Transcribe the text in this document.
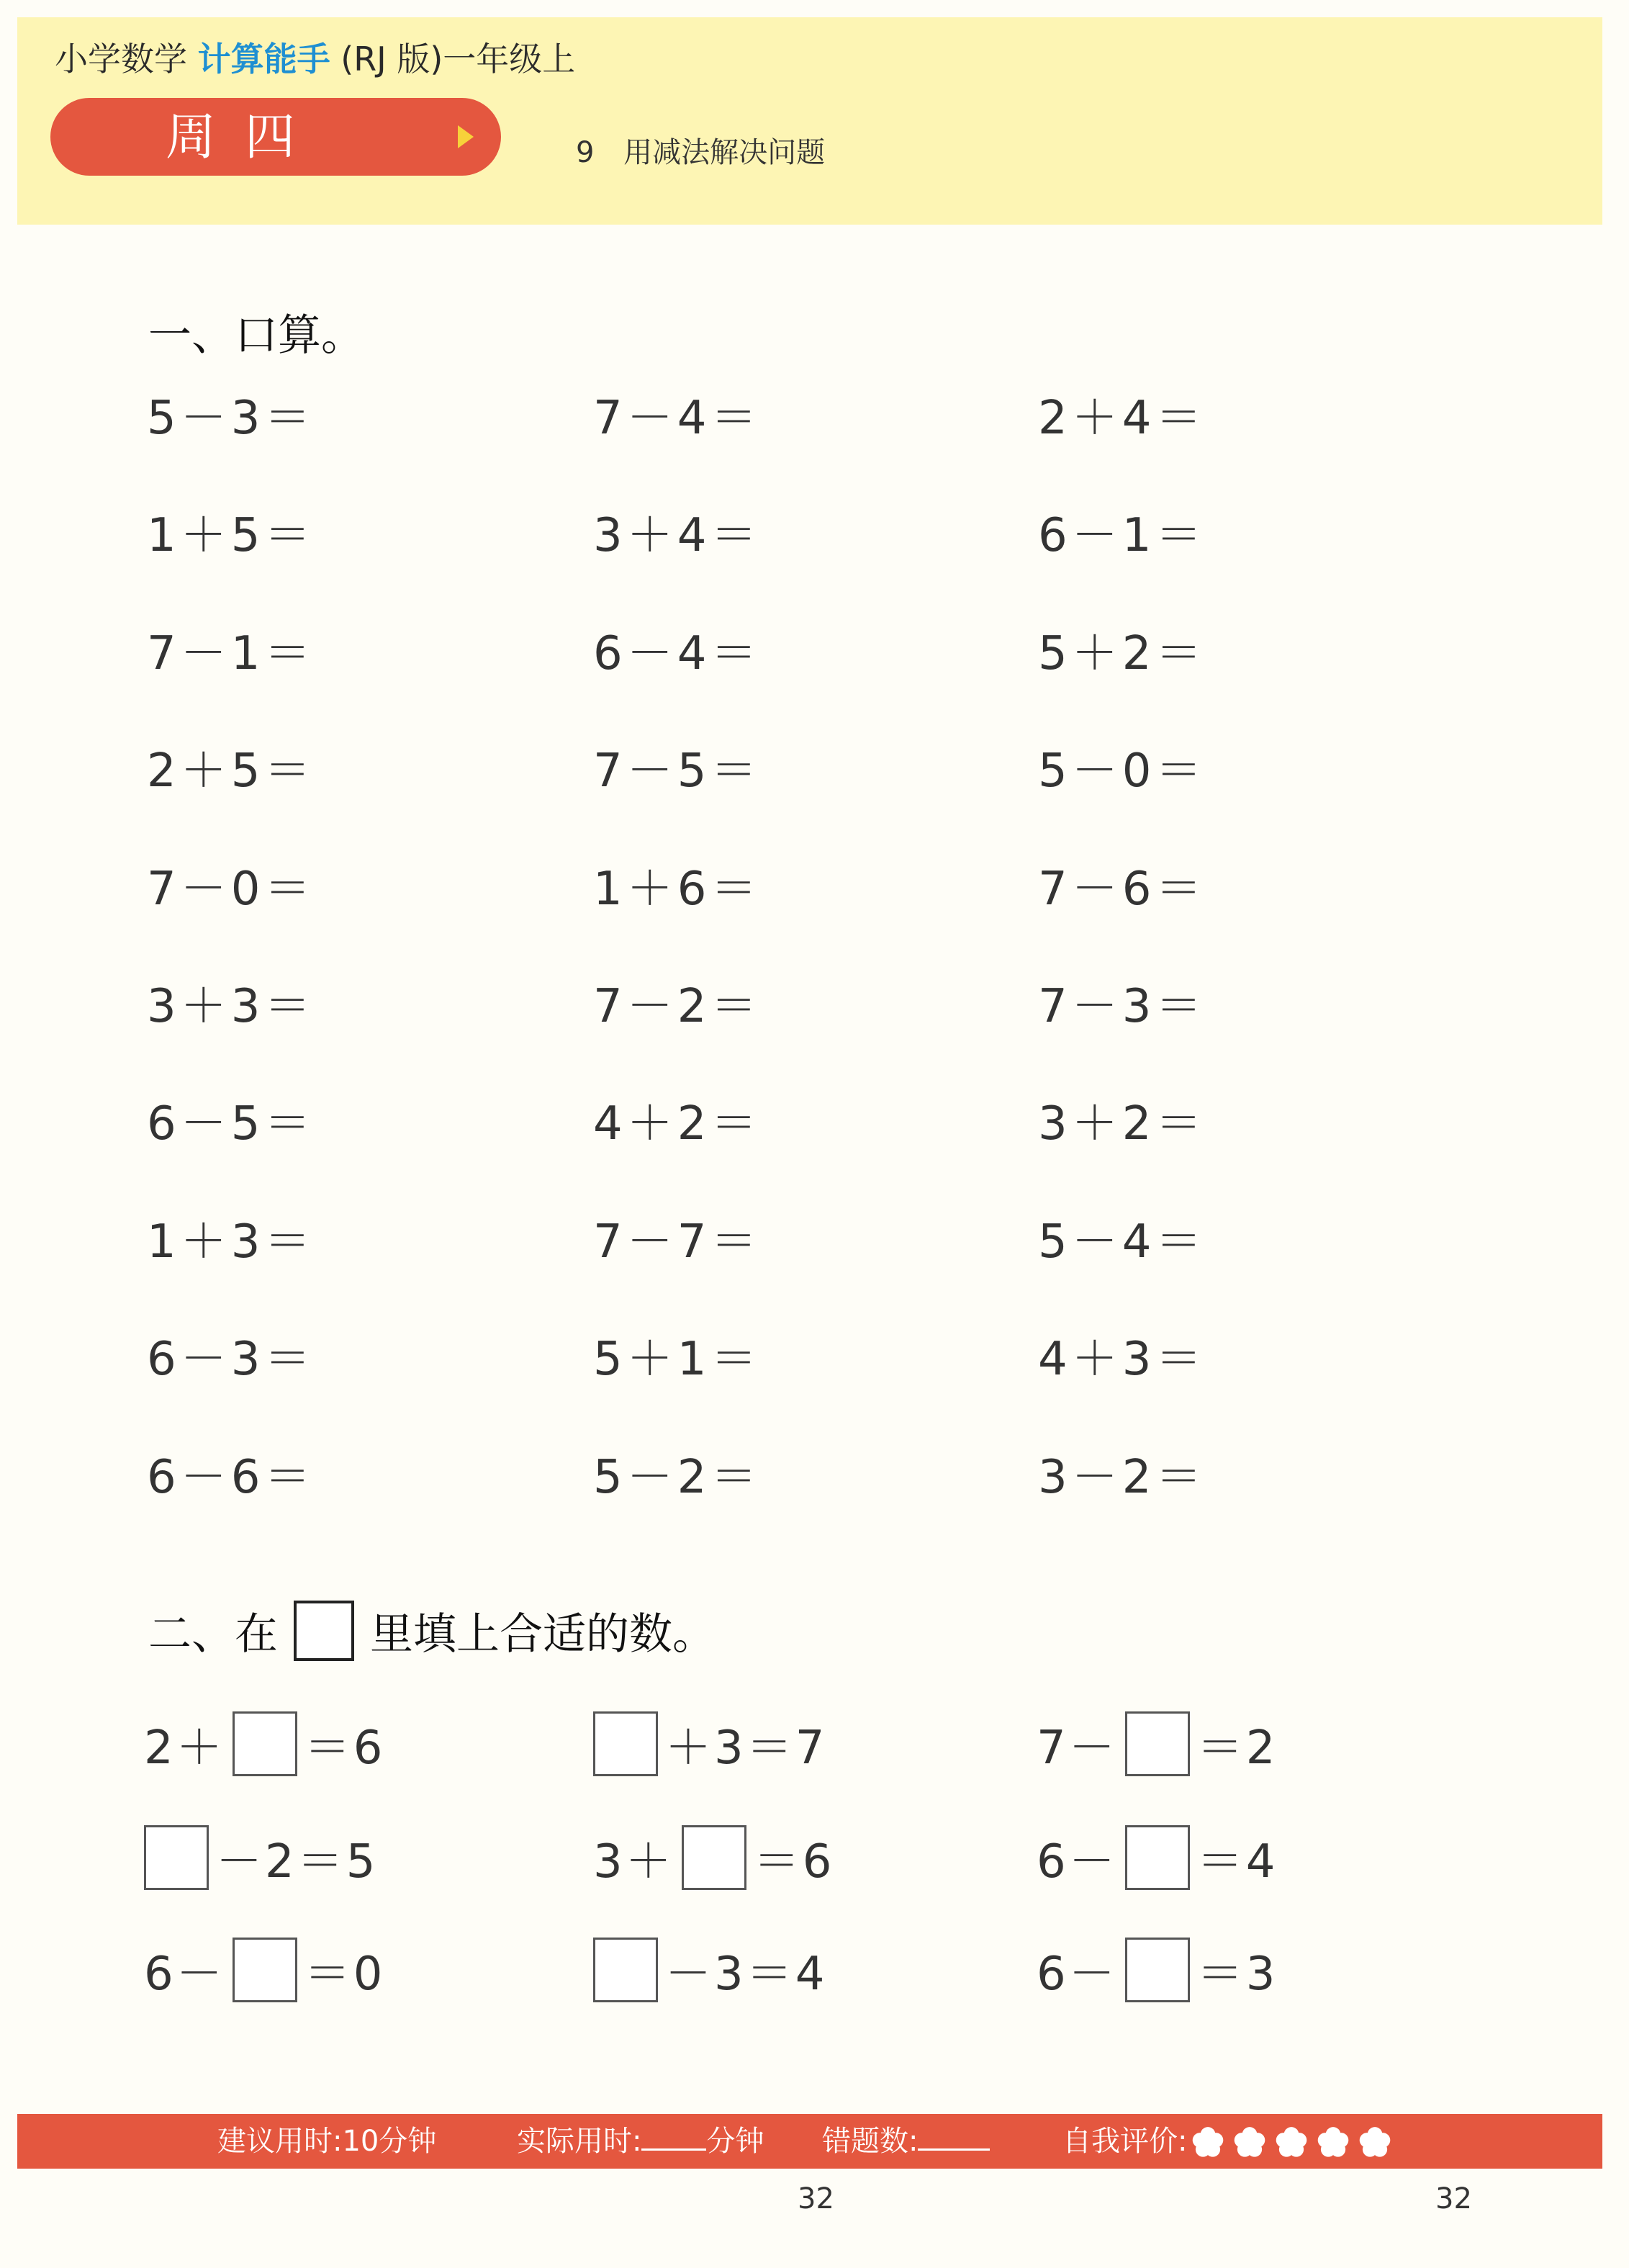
小学数学 计算能手 (RJ 版)一年级上
周四	9 用减法解决问题
一、口算。
5－3＝	7－4＝	2＋4＝
1＋5＝	3＋4＝	6－1＝
7－1＝	6－4＝	5＋2＝
2＋5＝	7－5＝	5－0＝
7－0＝	1＋6＝	7－6＝
3＋3＝	7－2＝	7－3＝
6－5＝	4＋2＝	3＋2＝
1＋3＝	7－7＝	5－4＝
6－3＝	5＋1＝	4＋3＝
6－6＝	5－2＝	3－2＝
二、在 里填上合适的数。
2＋ ＝6	＋3＝7	7－ ＝2
－2＝5	3＋ ＝6	6－ ＝4
6－ ＝0	－3＝4	6－ ＝3
建议用时:10分钟	实际用时: 分钟 错题数:	自我评价:
32	32
